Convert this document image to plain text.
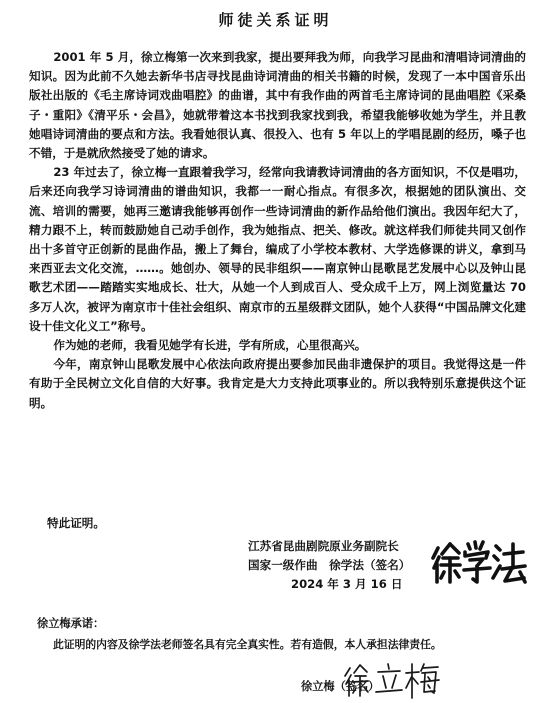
师徒关系证明

2001 年 5 月，徐立梅第一次来到我家，提出要拜我为师，向我学习昆曲和清唱诗词清曲的知识。因为此前不久她去新华书店寻找昆曲诗词清曲的相关书籍的时候，发现了一本中国音乐出版社出版的《毛主席诗词戏曲唱腔》的曲谱，其中有我作曲的两首毛主席诗词的昆曲唱腔《采桑子・重阳》《清平乐・会昌》，她就带着这本书找到我家找到我，希望我能够收她为学生，并且教她唱诗词清曲的要点和方法。我看她很认真、很投入、也有 5 年以上的学唱昆剧的经历，嗓子也不错，于是就欣然接受了她的请求。

23 年过去了，徐立梅一直跟着我学习，经常向我请教诗词清曲的各方面知识，不仅是唱功，后来还向我学习诗词清曲的谱曲知识，我都一一耐心指点。有很多次，根据她的团队演出、交流、培训的需要，她再三邀请我能够再创作一些诗词清曲的新作品给他们演出。我因年纪大了，精力跟不上，转而鼓励她自己动手创作，我为她指点、把关、修改。就这样我们师徒共同又创作出十多首守正创新的昆曲作品，搬上了舞台，编成了小学校本教材、大学选修课的讲义，拿到马来西亚去文化交流，……。她创办、领导的民非组织——南京钟山昆歌昆艺发展中心以及钟山昆歌艺术团——踏踏实实地成长、壮大，从她一个人到成百人、受众成千上万，网上浏览量达 70 多万人次，被评为南京市十佳社会组织、南京市的五星级群文团队，她个人获得“中国品牌文化建设十佳文化义工”称号。

作为她的老师，我看见她学有长进，学有所成，心里很高兴。

今年，南京钟山昆歌发展中心依法向政府提出要参加民曲非遗保护的项目。我觉得这是一件有助于全民树立文化自信的大好事。我肯定是大力支持此项事业的。所以我特别乐意提供这个证明。

特此证明。
江苏省昆曲剧院原业务副院长
国家一级作曲　徐学法（签名）
2024 年 3 月 16 日
徐立梅承诺：
此证明的内容及徐学法老师签名具有完全真实性。若有造假，本人承担法律责任。
徐立梅（签名）
